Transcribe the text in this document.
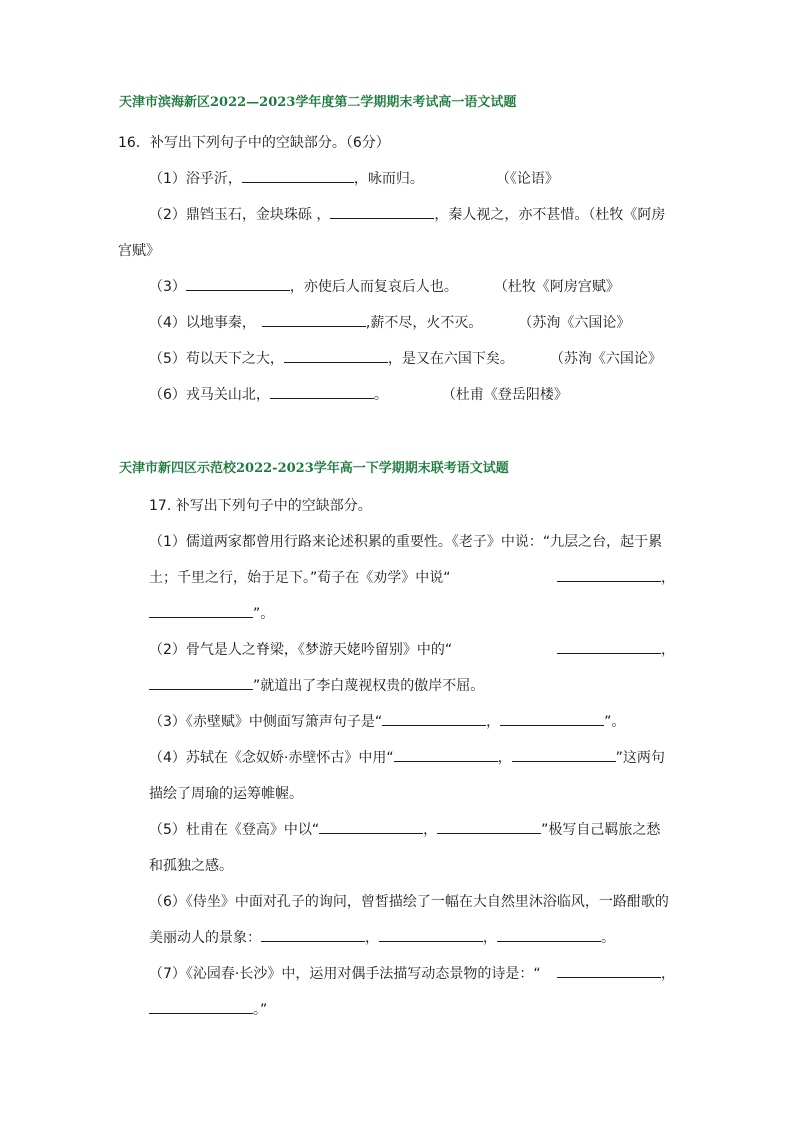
天津市滨海新区2022—2023学年度第二学期期末考试高一语文试题
16．补写出下列句子中的空缺部分。（6分）
（1）浴乎沂，	，咏而归。	（《论语》
（2）鼎铛玉石，金块珠砾 ，	，秦人视之，亦不甚惜。（杜牧《阿房
宫赋》
（3）	，亦使后人而复哀后人也。	（杜牧《阿房宫赋》
（4）以地事秦，	,薪不尽，火不灭。	（苏洵《六国论》
（5）苟以天下之大，	，是又在六国下矣。	（苏洵《六国论》
（6）戎马关山北，	。	（杜甫《登岳阳楼》
天津市新四区示范校2022-2023学年高一下学期期末联考语文试题
17. 补写出下列句子中的空缺部分。
（1）儒道两家都曾用行路来论述积累的重要性。《老子》中说：“九层之台，起于累
土；千里之行，始于足下。”荀子在《劝学》中说“	，
”。
（2）骨气是人之脊梁，《梦游天姥吟留别》中的“	，
”就道出了李白蔑视权贵的傲岸不屈。
（3）《赤壁赋》中侧面写箫声句子是“	，	”。
（4）苏轼在《念奴娇·赤壁怀古》中用“	，	”这两句
描绘了周瑜的运筹帷幄。
（5）杜甫在《登高》中以“	，	”极写自己羁旅之愁
和孤独之感。
（6）《侍坐》中面对孔子的询问，曾皙描绘了一幅在大自然里沐浴临风，一路酣歌的
美丽动人的景象：	，	，	。
（7）《沁园春·长沙》中，运用对偶手法描写动态景物的诗是：“	，
。”
